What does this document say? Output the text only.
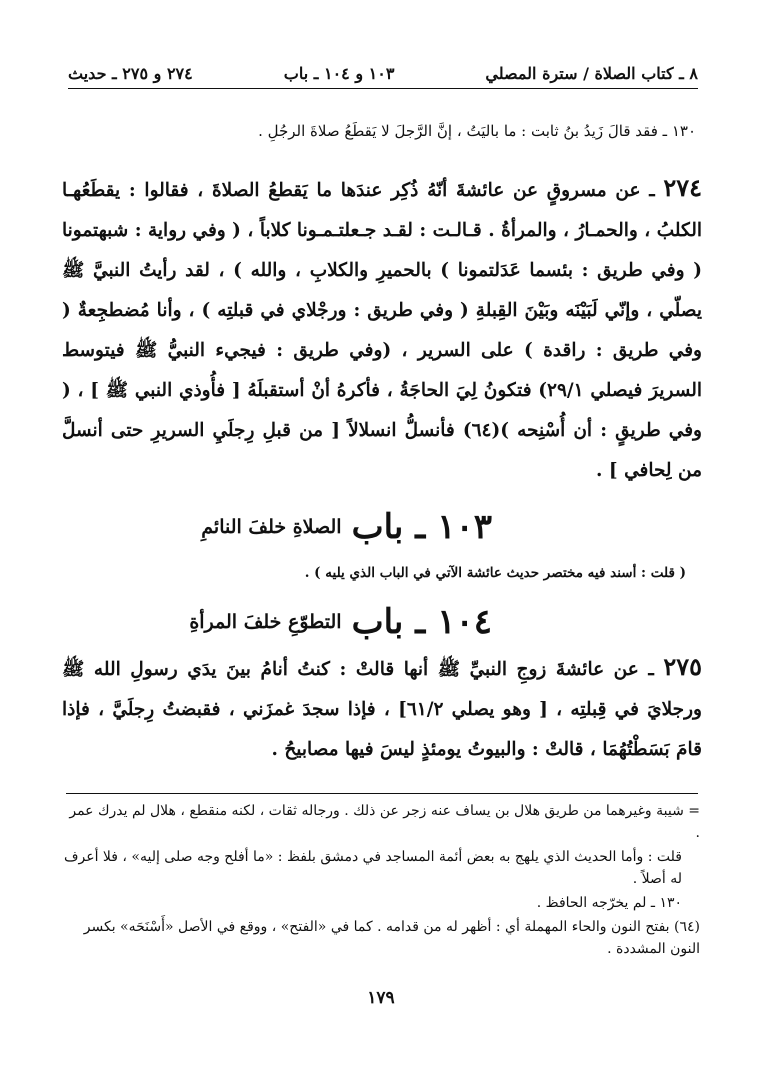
٨ ـ كتاب الصلاة / سترة المصلي
١٠٣ و ١٠٤ ـ باب
٢٧٤ و ٢٧٥ ـ حديث
١٣٠ ـ فقد قالَ زَيدُ بنُ ثابت : ما باليَتُ ، إنَّ الرَّجلَ لا يَقطَعُ صلاةَ الرجُلِ .
٢٧٤ ـ عن مسروقٍ عن عائشةَ أنّهُ ذُكِر عندَها ما يَقطعُ الصلاةَ ، فقالوا : يقطَعُهـا الكلبُ ، والحمـارُ ، والمرأةُ . قـالـت : لقـد جـعلتـمـونا كلاباً ، ( وفي رواية : شبهتمونا ( وفي طريق : بئسما عَدَلتمونا ) بالحميرِ والكلابِ ، والله ) ، لقد رأيتُ النبيَّ ﷺ يصلّي ، وإنّي لَبَيْنَه وبَيْنَ القِبلةِ ( وفي طريق : ورجْلاي في قبلتِه ) ، وأنا مُضطجِعةٌ ( وفي طريق : راقدة ) على السرير ، (وفي طريق : فيجيء النبيُّ ﷺ فيتوسط السريرَ فيصلي ٢٩/١) فتكونُ لِيَ الحاجَةُ ، فأكرهُ أنْ أستقبلَهُ [ فأُوذي النبي ﷺ ] ، ( وفي طريقٍ : أن أُسْنِحه )(٦٤) فأنسلُّ انسلالاً [ من قبلِ رِجلَيِ السريرِ حتى أنسلَّ من لِحافي ] .
١٠٣
ـ باب
الصلاةِ خلفَ النائمِ
( قلت : أسند فيه مختصر حديث عائشة الآتي في الباب الذي يليه ) .
١٠٤
ـ باب
التطوّعِ خلفَ المرأةِ
٢٧٥ ـ عن عائشةَ زوجِ النبيِّ ﷺ أنها قالتْ : كنتُ أنامُ بينَ يدَي رسولِ الله ﷺ ورجلايَ في قِبلتِه ، [ وهو يصلي ٦١/٢] ، فإذا سجدَ غمزَني ، فقبضتُ رِجلَيَّ ، فإذا قامَ بَسَطْتُهُمَا ، قالتْ : والبيوتُ يومئذٍ ليسَ فيها مصابيحُ .

= شيبة وغيرهما من طريق هلال بن يساف عنه زجر عن ذلك . ورجاله ثقات ، لكنه منقطع ، هلال لم يدرك عمر .

قلت : وأما الحديث الذي يلهج به بعض أئمة المساجد في دمشق بلفظ : «ما أفلح وجه صلى إليه» ، فلا أعرف له أصلاً .

١٣٠ ـ لم يخرّجه الحافظ .

(٦٤) بفتح النون والحاء المهملة أي : أظهر له من قدامه . كما في «الفتح» ، ووقع في الأصل «أَسْنَحَه» بكسر النون المشددة .

١٧٩
